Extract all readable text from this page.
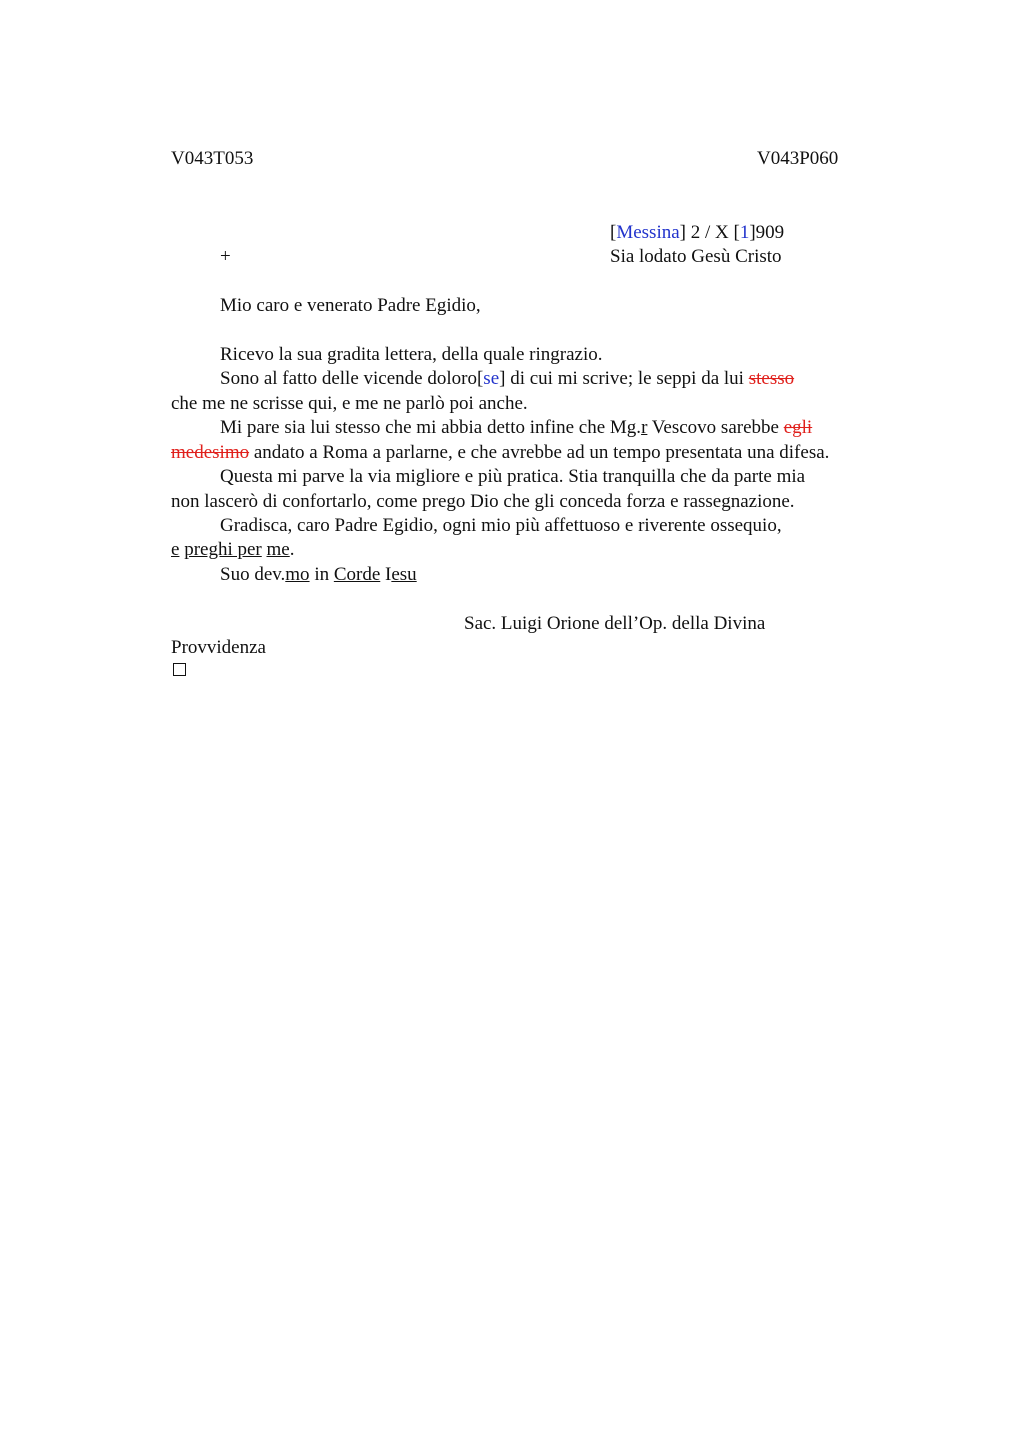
V043T053	V043P060
[Messina] 2 / X [1]909
+	Sia lodato Gesù Cristo
Mio caro e venerato Padre Egidio,
Ricevo la sua gradita lettera, della quale ringrazio.
Sono al fatto delle vicende doloro[se] di cui mi scrive; le seppi da lui stesso
che me ne scrisse qui, e me ne parlò poi anche.
Mi pare sia lui stesso che mi abbia detto infine che Mg.r Vescovo sarebbe egli
medesimo andato a Roma a parlarne, e che avrebbe ad un tempo presentata una difesa.
Questa mi parve la via migliore e più pratica. Stia tranquilla che da parte mia
non lascerò di confortarlo, come prego Dio che gli conceda forza e rassegnazione.
Gradisca, caro Padre Egidio, ogni mio più affettuoso e riverente ossequio,
e preghi per me.
Suo dev.mo in Corde Iesu
Sac. Luigi Orione dell’Op. della Divina
Provvidenza
